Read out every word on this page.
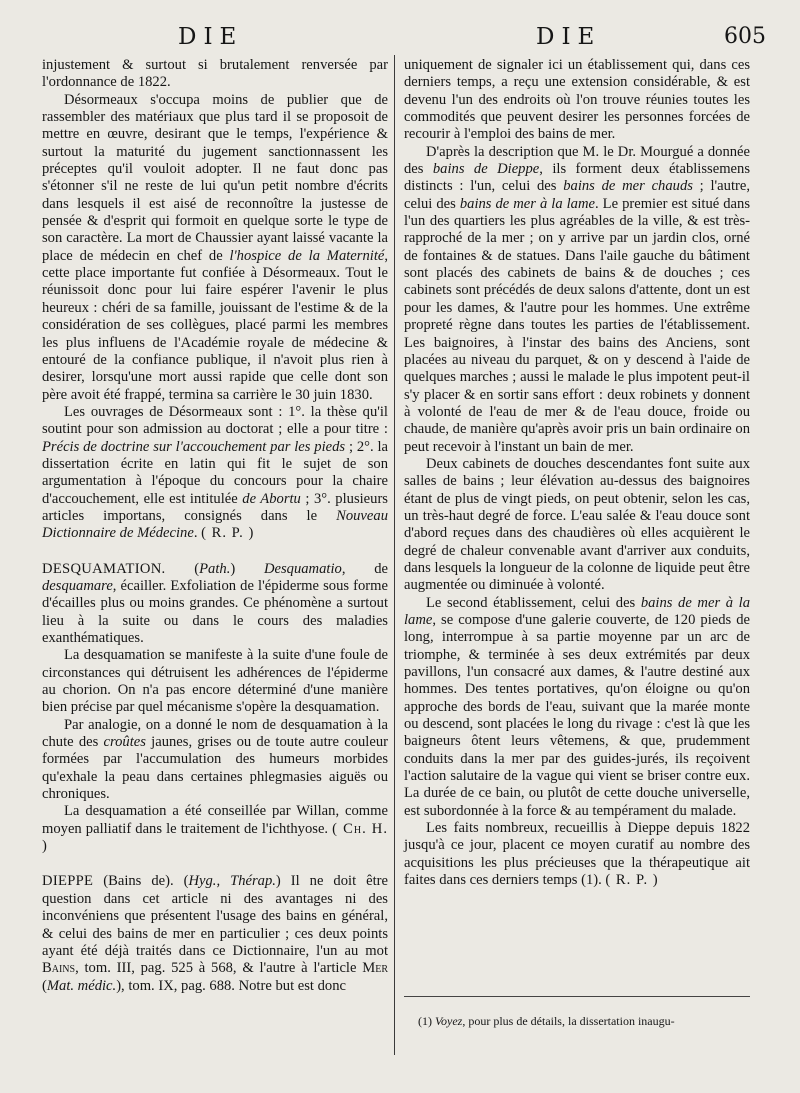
DIE	DIE	605

injustement & surtout si brutalement renversée par l'ordonnance de 1822.

Désormeaux s'occupa moins de publier que de rassembler des matériaux que plus tard il se proposoit de mettre en œuvre, desirant que le temps, l'expérience & surtout la maturité du jugement sanctionnassent les préceptes qu'il vouloit adopter. Il ne faut donc pas s'étonner s'il ne reste de lui qu'un petit nombre d'écrits dans lesquels il est aisé de reconnoître la justesse de pensée & d'esprit qui formoit en quelque sorte le type de son caractère. La mort de Chaussier ayant laissé vacante la place de médecin en chef de l'hospice de la Maternité, cette place importante fut confiée à Désormeaux. Tout le réunissoit donc pour lui faire espérer l'avenir le plus heureux : chéri de sa famille, jouissant de l'estime & de la considération de ses collègues, placé parmi les membres les plus influens de l'Académie royale de médecine & entouré de la confiance publique, il n'avoit plus rien à desirer, lorsqu'une mort aussi rapide que celle dont son père avoit été frappé, termina sa carrière le 30 juin 1830.

Les ouvrages de Désormeaux sont : 1°. la thèse qu'il soutint pour son admission au doctorat ; elle a pour titre : Précis de doctrine sur l'accouchement par les pieds ; 2°. la dissertation écrite en latin qui fit le sujet de son argumentation à l'époque du concours pour la chaire d'accouchement, elle est intitulée de Abortu ; 3°. plusieurs articles importans, consignés dans le Nouveau Dictionnaire de Médecine. ( R. P. )

DESQUAMATION. (Path.) Desquamatio, de desquamare, écailler. Exfoliation de l'épiderme sous forme d'écailles plus ou moins grandes. Ce phénomène a surtout lieu à la suite ou dans le cours des maladies exanthématiques.

La desquamation se manifeste à la suite d'une foule de circonstances qui détruisent les adhérences de l'épiderme au chorion. On n'a pas encore déterminé d'une manière bien précise par quel mécanisme s'opère la desquamation.

Par analogie, on a donné le nom de desquamation à la chute des croûtes jaunes, grises ou de toute autre couleur formées par l'accumulation des humeurs morbides qu'exhale la peau dans certaines phlegmasies aiguës ou chroniques.

La desquamation a été conseillée par Willan, comme moyen palliatif dans le traitement de l'ichthyose. ( Ch. H. )

DIEPPE (Bains de). (Hyg., Thérap.) Il ne doit être question dans cet article ni des avantages ni des inconvéniens que présentent l'usage des bains en général, & celui des bains de mer en particulier ; ces deux points ayant été déjà traités dans ce Dictionnaire, l'un au mot Bains, tom. III, pag. 525 à 568, & l'autre à l'article Mer (Mat. médic.), tom. IX, pag. 688. Notre but est donc

uniquement de signaler ici un établissement qui, dans ces derniers temps, a reçu une extension considérable, & est devenu l'un des endroits où l'on trouve réunies toutes les commodités que peuvent desirer les personnes forcées de recourir à l'emploi des bains de mer.

D'après la description que M. le Dr. Mourgué a donnée des bains de Dieppe, ils forment deux établissemens distincts : l'un, celui des bains de mer chauds ; l'autre, celui des bains de mer à la lame. Le premier est situé dans l'un des quartiers les plus agréables de la ville, & est très-rapproché de la mer ; on y arrive par un jardin clos, orné de fontaines & de statues. Dans l'aile gauche du bâtiment sont placés des cabinets de bains & de douches ; ces cabinets sont précédés de deux salons d'attente, dont un est pour les dames, & l'autre pour les hommes. Une extrême propreté règne dans toutes les parties de l'établissement. Les baignoires, à l'instar des bains des Anciens, sont placées au niveau du parquet, & on y descend à l'aide de quelques marches ; aussi le malade le plus impotent peut-il s'y placer & en sortir sans effort : deux robinets y donnent à volonté de l'eau de mer & de l'eau douce, froide ou chaude, de manière qu'après avoir pris un bain ordinaire on peut recevoir à l'instant un bain de mer.

Deux cabinets de douches descendantes font suite aux salles de bains ; leur élévation au-dessus des baignoires étant de plus de vingt pieds, on peut obtenir, selon les cas, un très-haut degré de force. L'eau salée & l'eau douce sont d'abord reçues dans des chaudières où elles acquièrent le degré de chaleur convenable avant d'arriver aux conduits, dans lesquels la longueur de la colonne de liquide peut être augmentée ou diminuée à volonté.

Le second établissement, celui des bains de mer à la lame, se compose d'une galerie couverte, de 120 pieds de long, interrompue à sa partie moyenne par un arc de triomphe, & terminée à ses deux extrémités par deux pavillons, l'un consacré aux dames, & l'autre destiné aux hommes. Des tentes portatives, qu'on éloigne ou qu'on approche des bords de l'eau, suivant que la marée monte ou descend, sont placées le long du rivage : c'est là que les baigneurs ôtent leurs vêtemens, & que, prudemment conduits dans la mer par des guides-jurés, ils reçoivent l'action salutaire de la vague qui vient se briser contre eux. La durée de ce bain, ou plutôt de cette douche universelle, est subordonnée à la force & au tempérament du malade.

Les faits nombreux, recueillis à Dieppe depuis 1822 jusqu'à ce jour, placent ce moyen curatif au nombre des acquisitions les plus précieuses que la thérapeutique ait faites dans ces derniers temps (1). ( R. P. )

(1) Voyez, pour plus de détails, la dissertation inaugu-
